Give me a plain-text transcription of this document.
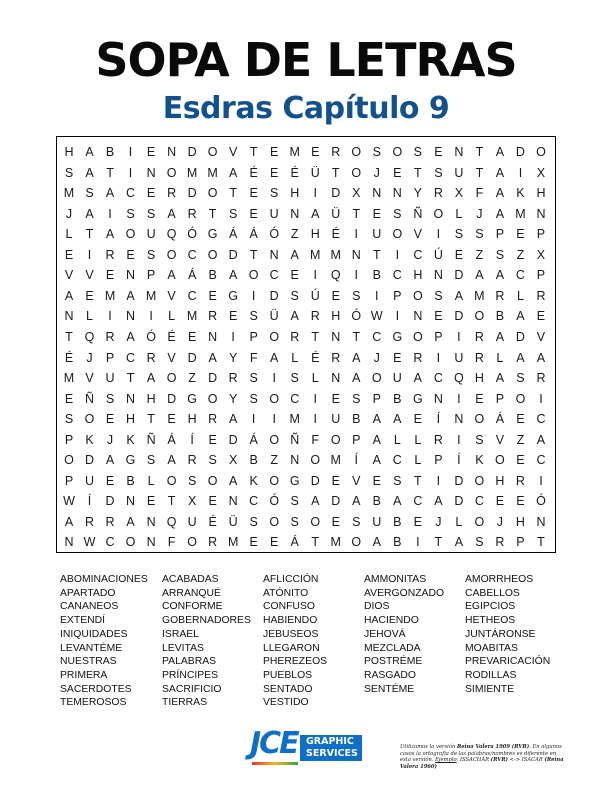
SOPA DE LETRAS
Esdras Capítulo 9
H A B	I	E N D O V	T	E M E R O S O S E N T	A D O
S A	T	I	N O M M A É E É Ü T O	J	E	T	S U T	A	I	X
M S A C E R D O T	E S H	I	D X N N Y R X	F	A K H
J	A	I	S S A R T	S E U N A Ü T	E S Ñ O L	J	A M N
L	T	A O U Q Ó G Á Á Ó Z H É	I	U O V	I	S S P E P
E	I	R E S O C O D T N A M M N T	I	C Ú E	Z	S	Z	X
V V E N P A Á B A O C E	I	Q	I	B C H N D A A C P
A E M A M V C E G	I	D S Ú E S	I	P O S A M R	L	R
N	L	I	N	I	L M R E S Ü A R H Ó W	I	N E D O B A E
T Q R A Ó É E N	I	P O R T N T C G O P	I	R A D V
É	J	P C R V D A Y	F	A	L	É R A	J	E R	I	U R	L	A A
M V U T	A O Z D R S	I	S	L	N A O U A C Q H A S R
E Ñ S N H D G O Y S O C	I	E S P B G N	I	E P O	I
S O E H T	E H R A	I	I	M	I	U B A A E	Í	N O Á E C
P K	J	K Ñ Á	Í	E D Á O Ñ F O P A	L	L	R	I	S V	Z	A
O D A G S A R S X B	Z N O M	Í	A C	L	P	Í	K O E C
P U E B	L O S O A K O G D E V E S	T	I	D O H R	I
W	Í	D N E	T	X E N C Ó S A D A B A C A D C E E Ó
A R R A N Q U É Ü S O S O E S U B E	J	L O	J	H N
N W C O N F O R M E E Á	T M O A B	I	T	A S R P	T
ABOMINACIONES
APARTADO
CANANEOS
EXTENDÍ
INIQUIDADES
LEVANTÉME
NUESTRAS
PRIMERA
SACERDOTES
TEMEROSOS
ACABADAS
ARRANQUÉ
CONFORME
GOBERNADORES
ISRAEL
LEVITAS
PALABRAS
PRÍNCIPES
SACRIFICIO
TIERRAS
AFLICCIÓN
ATÓNITO
CONFUSO
HABIENDO
JEBUSEOS
LLEGARON
PHEREZEOS
PUEBLOS
SENTADO
VESTIDO
AMMONITAS
AVERGONZADO
DIOS
HACIENDO
JEHOVÁ
MEZCLADA
POSTRÉME
RASGADO
SENTÉME
AMORRHEOS
CABELLOS
EGIPCIOS
HETHEOS
JUNTÁRONSE
MOABITAS
PREVARICACIÓN
RODILLAS
SIMIENTE
JCE GRAPHIC
SERVICES
Utilizamos la versión Reina Valera 1909 (RVR). En algunos casos la ortografía de las palabras/nombres es diferente en esta versión. Ejemplo: ISSACHÁR (RVR) <-> ISACAR (Reina Valera 1960)
